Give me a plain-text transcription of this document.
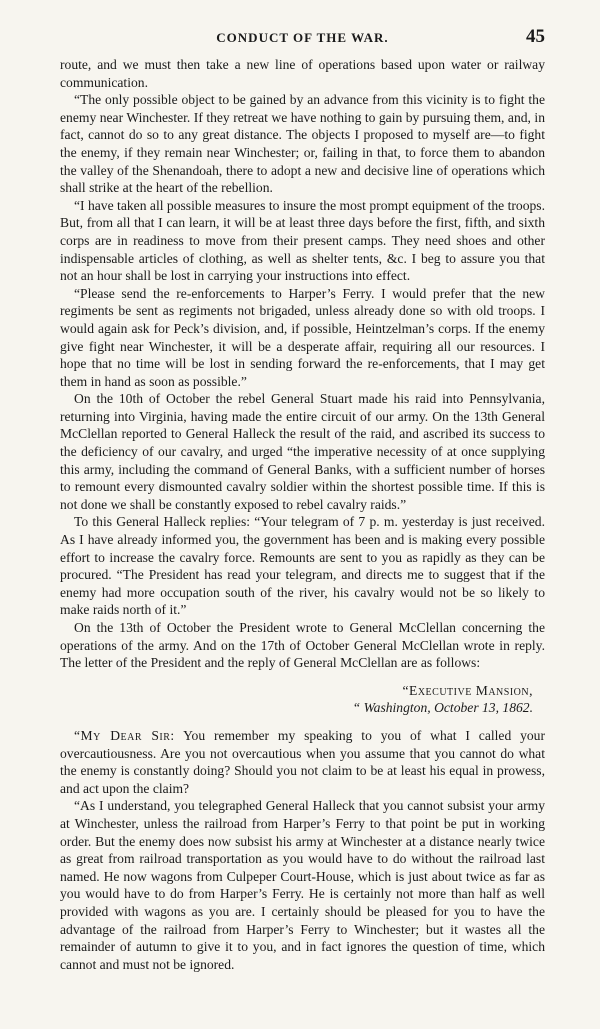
CONDUCT OF THE WAR.	45

route, and we must then take a new line of operations based upon water or railway communication.

“The only possible object to be gained by an advance from this vicinity is to fight the enemy near Winchester. If they retreat we have nothing to gain by pursuing them, and, in fact, cannot do so to any great distance. The objects I proposed to myself are—to fight the enemy, if they remain near Winchester; or, failing in that, to force them to abandon the valley of the Shenandoah, there to adopt a new and decisive line of operations which shall strike at the heart of the rebellion.

“I have taken all possible measures to insure the most prompt equipment of the troops. But, from all that I can learn, it will be at least three days before the first, fifth, and sixth corps are in readiness to move from their present camps. They need shoes and other indispensable articles of clothing, as well as shelter tents, &c. I beg to assure you that not an hour shall be lost in carrying your instructions into effect.

“Please send the re-enforcements to Harper’s Ferry. I would prefer that the new regiments be sent as regiments not brigaded, unless already done so with old troops. I would again ask for Peck’s division, and, if possible, Heintzelman’s corps. If the enemy give fight near Winchester, it will be a desperate affair, requiring all our resources. I hope that no time will be lost in sending forward the re-enforcements, that I may get them in hand as soon as possible.”

On the 10th of October the rebel General Stuart made his raid into Pennsylvania, returning into Virginia, having made the entire circuit of our army. On the 13th General McClellan reported to General Halleck the result of the raid, and ascribed its success to the deficiency of our cavalry, and urged “the imperative necessity of at once supplying this army, including the command of General Banks, with a sufficient number of horses to remount every dismounted cavalry soldier within the shortest possible time. If this is not done we shall be constantly exposed to rebel cavalry raids.”

To this General Halleck replies: “Your telegram of 7 p. m. yesterday is just received. As I have already informed you, the government has been and is making every possible effort to increase the cavalry force. Remounts are sent to you as rapidly as they can be procured. “The President has read your telegram, and directs me to suggest that if the enemy had more occupation south of the river, his cavalry would not be so likely to make raids north of it.”

On the 13th of October the President wrote to General McClellan concerning the operations of the army. And on the 17th of October General McClellan wrote in reply. The letter of the President and the reply of General McClellan are as follows:

“Executive Mansion,
“ Washington, October 13, 1862.

“My Dear Sir: You remember my speaking to you of what I called your overcautiousness. Are you not overcautious when you assume that you cannot do what the enemy is constantly doing? Should you not claim to be at least his equal in prowess, and act upon the claim?

“As I understand, you telegraphed General Halleck that you cannot subsist your army at Winchester, unless the railroad from Harper’s Ferry to that point be put in working order. But the enemy does now subsist his army at Winchester at a distance nearly twice as great from railroad transportation as you would have to do without the railroad last named. He now wagons from Culpeper Court-House, which is just about twice as far as you would have to do from Harper’s Ferry. He is certainly not more than half as well provided with wagons as you are. I certainly should be pleased for you to have the advantage of the railroad from Harper’s Ferry to Winchester; but it wastes all the remainder of autumn to give it to you, and in fact ignores the question of time, which cannot and must not be ignored.
